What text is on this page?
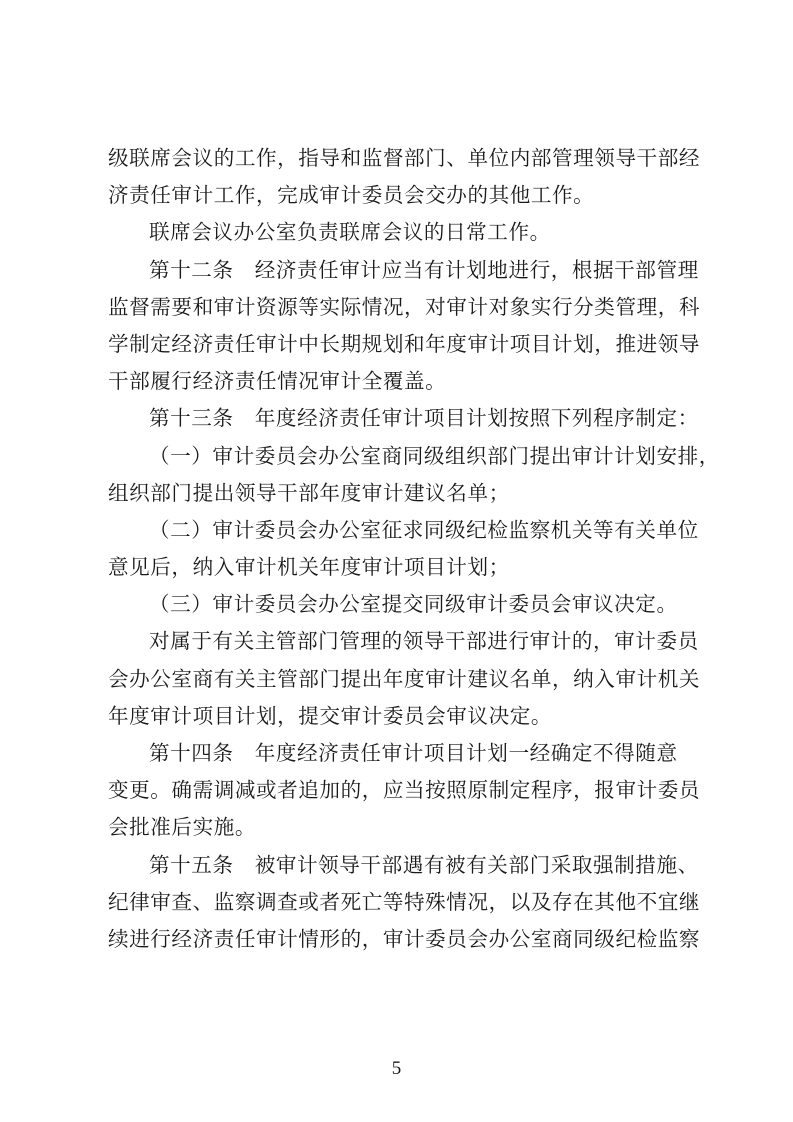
级联席会议的工作，指导和监督部门、单位内部管理领导干部经
济责任审计工作，完成审计委员会交办的其他工作。
联席会议办公室负责联席会议的日常工作。
第十二条　经济责任审计应当有计划地进行，根据干部管理
监督需要和审计资源等实际情况，对审计对象实行分类管理，科
学制定经济责任审计中长期规划和年度审计项目计划，推进领导
干部履行经济责任情况审计全覆盖。
第十三条　年度经济责任审计项目计划按照下列程序制定：
（一）审计委员会办公室商同级组织部门提出审计计划安排，
组织部门提出领导干部年度审计建议名单；
（二）审计委员会办公室征求同级纪检监察机关等有关单位
意见后，纳入审计机关年度审计项目计划；
（三）审计委员会办公室提交同级审计委员会审议决定。
对属于有关主管部门管理的领导干部进行审计的，审计委员
会办公室商有关主管部门提出年度审计建议名单，纳入审计机关
年度审计项目计划，提交审计委员会审议决定。
第十四条　年度经济责任审计项目计划一经确定不得随意
变更。确需调减或者追加的，应当按照原制定程序，报审计委员
会批准后实施。
第十五条　被审计领导干部遇有被有关部门采取强制措施、
纪律审查、监察调查或者死亡等特殊情况，以及存在其他不宜继
续进行经济责任审计情形的，审计委员会办公室商同级纪检监察
5
